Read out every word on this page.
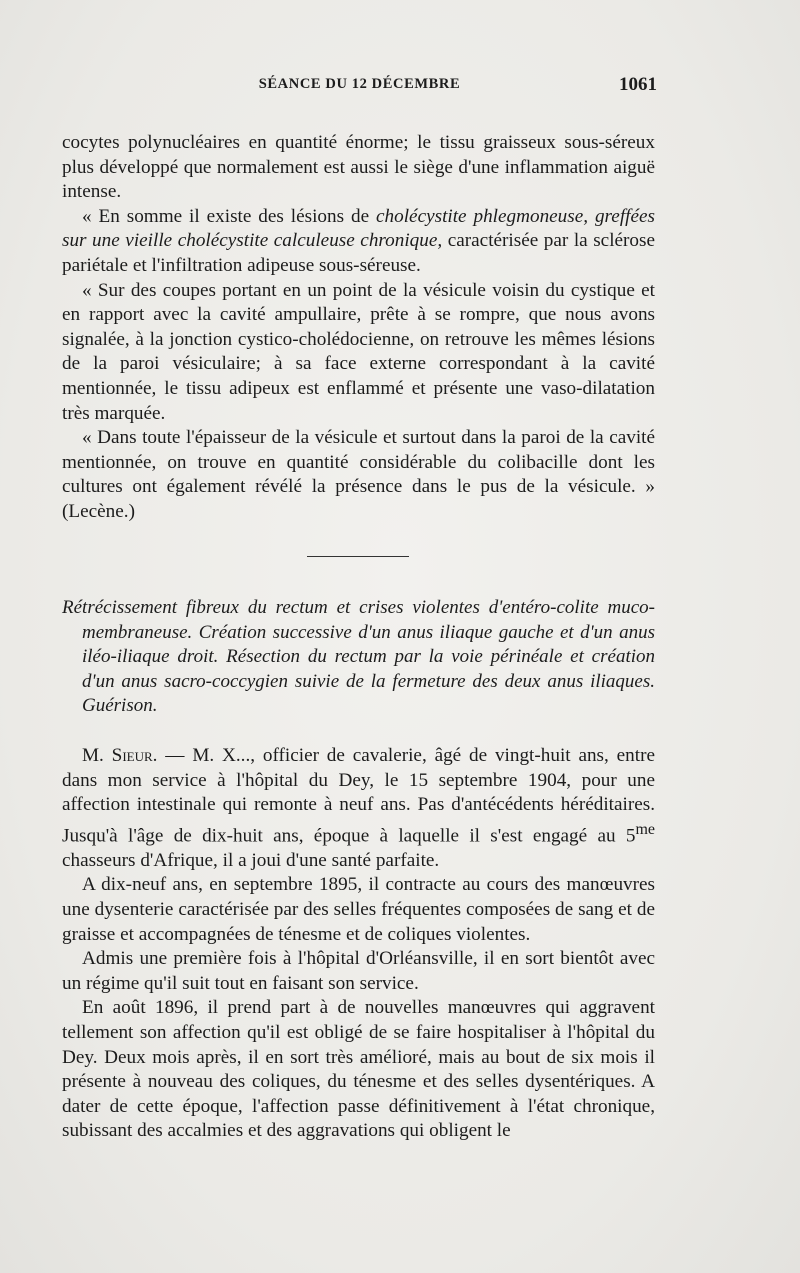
SÉANCE DU 12 DÉCEMBRE	1061

cocytes polynucléaires en quantité énorme; le tissu graisseux sous-séreux plus développé que normalement est aussi le siège d'une inflammation aiguë intense.

« En somme il existe des lésions de cholécystite phlegmoneuse, greffées sur une vieille cholécystite calculeuse chronique, caractérisée par la sclérose pariétale et l'infiltration adipeuse sous-séreuse.

« Sur des coupes portant en un point de la vésicule voisin du cystique et en rapport avec la cavité ampullaire, prête à se rompre, que nous avons signalée, à la jonction cystico-cholédocienne, on retrouve les mêmes lésions de la paroi vésiculaire; à sa face externe correspondant à la cavité mentionnée, le tissu adipeux est enflammé et présente une vaso-dilatation très marquée.

« Dans toute l'épaisseur de la vésicule et surtout dans la paroi de la cavité mentionnée, on trouve en quantité considérable du colibacille dont les cultures ont également révélé la présence dans le pus de la vésicule. » (Lecène.)

Rétrécissement fibreux du rectum et crises violentes d'entéro-colite muco-membraneuse. Création successive d'un anus iliaque gauche et d'un anus iléo-iliaque droit. Résection du rectum par la voie périnéale et création d'un anus sacro-coccygien suivie de la fermeture des deux anus iliaques. Guérison.

M. Sieur. — M. X..., officier de cavalerie, âgé de vingt-huit ans, entre dans mon service à l'hôpital du Dey, le 15 septembre 1904, pour une affection intestinale qui remonte à neuf ans. Pas d'antécédents héréditaires. Jusqu'à l'âge de dix-huit ans, époque à laquelle il s'est engagé au $5^{me}$ chasseurs d'Afrique, il a joui d'une santé parfaite.

A dix-neuf ans, en septembre 1895, il contracte au cours des manœuvres une dysenterie caractérisée par des selles fréquentes composées de sang et de graisse et accompagnées de ténesme et de coliques violentes.

Admis une première fois à l'hôpital d'Orléansville, il en sort bientôt avec un régime qu'il suit tout en faisant son service.

En août 1896, il prend part à de nouvelles manœuvres qui aggravent tellement son affection qu'il est obligé de se faire hospitaliser à l'hôpital du Dey. Deux mois après, il en sort très amélioré, mais au bout de six mois il présente à nouveau des coliques, du ténesme et des selles dysentériques. A dater de cette époque, l'affection passe définitivement à l'état chronique, subissant des accalmies et des aggravations qui obligent le
